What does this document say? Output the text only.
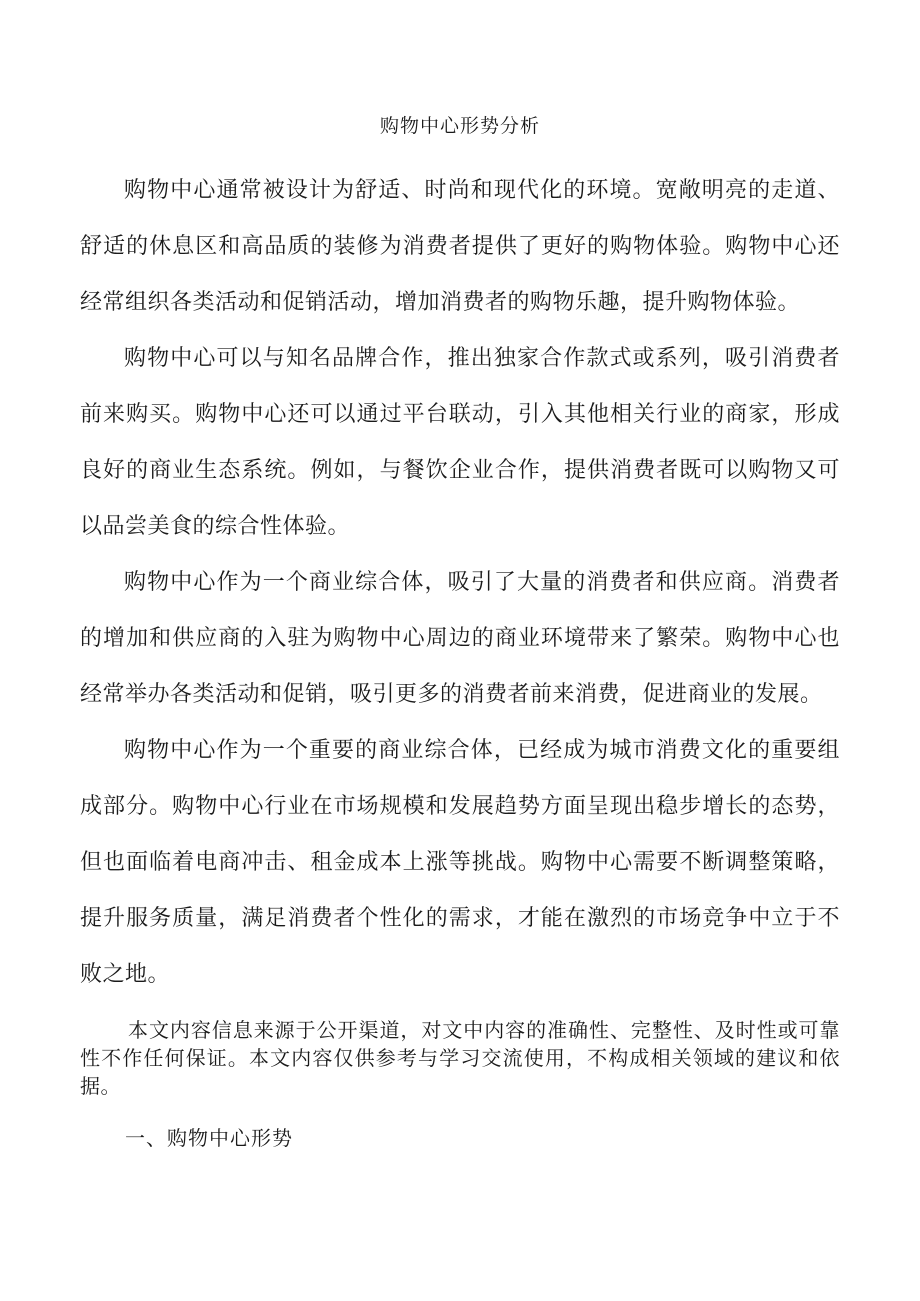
购物中心形势分析

购物中心通常被设计为舒适、时尚和现代化的环境。宽敞明亮的走道、舒适的休息区和高品质的装修为消费者提供了更好的购物体验。购物中心还经常组织各类活动和促销活动，增加消费者的购物乐趣，提升购物体验。

购物中心可以与知名品牌合作，推出独家合作款式或系列，吸引消费者前来购买。购物中心还可以通过平台联动，引入其他相关行业的商家，形成良好的商业生态系统。例如，与餐饮企业合作，提供消费者既可以购物又可以品尝美食的综合性体验。

购物中心作为一个商业综合体，吸引了大量的消费者和供应商。消费者的增加和供应商的入驻为购物中心周边的商业环境带来了繁荣。购物中心也经常举办各类活动和促销，吸引更多的消费者前来消费，促进商业的发展。

购物中心作为一个重要的商业综合体，已经成为城市消费文化的重要组成部分。购物中心行业在市场规模和发展趋势方面呈现出稳步增长的态势，但也面临着电商冲击、租金成本上涨等挑战。购物中心需要不断调整策略，提升服务质量，满足消费者个性化的需求，才能在激烈的市场竞争中立于不败之地。

本文内容信息来源于公开渠道，对文中内容的准确性、完整性、及时性或可靠性不作任何保证。本文内容仅供参考与学习交流使用，不构成相关领域的建议和依据。

一、购物中心形势
